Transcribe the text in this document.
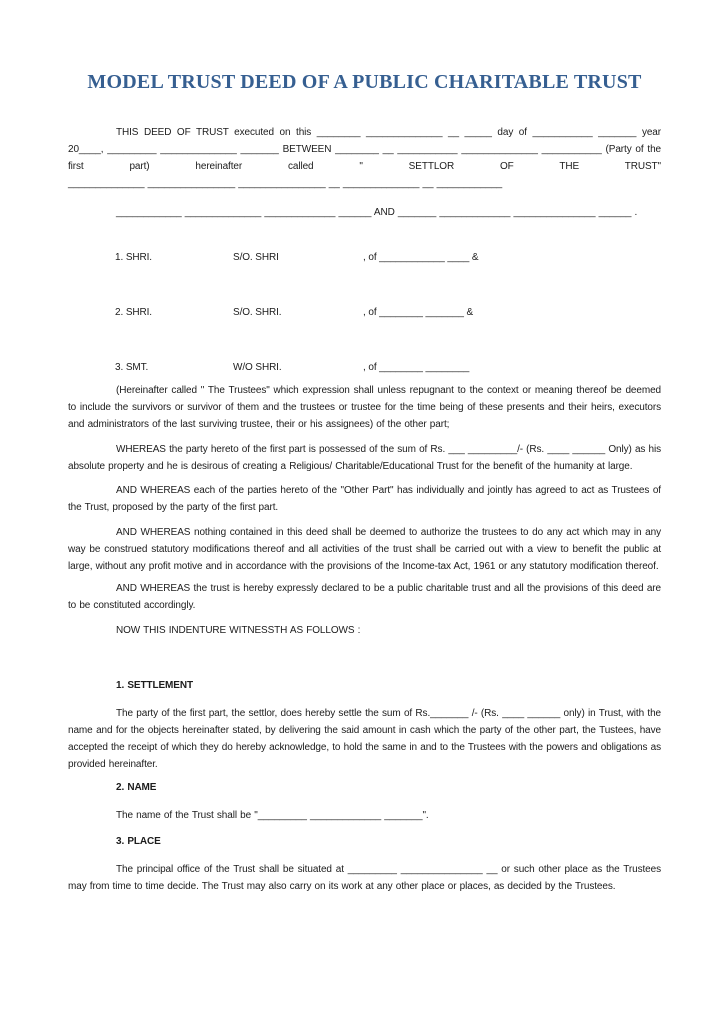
MODEL TRUST DEED OF A PUBLIC CHARITABLE TRUST

THIS DEED OF TRUST executed on this ________ ______________ __ _____ day of ___________ _______ year 20____, _________ ______________ _______ BETWEEN ________ __ ___________ ______________ ___________ (Party of the first part) hereinafter called " SETTLOR OF THE TRUST"

______________ ________________ ________________ __ ______________ __ ____________
____________ ______________ _____________ ______ AND _______ _____________ _______________ ______ .
1. SHRI.	S/O. SHRI	, of ____________ ____ &
2. SHRI.	S/O. SHRI.	, of ________ _______ &
3. SMT.	W/O SHRI.	, of ________ ________

(Hereinafter called " The Trustees" which expression shall unless repugnant to the context or meaning thereof be deemed to include the survivors or survivor of them and the trustees or trustee for the time being of these presents and their heirs, executors and administrators of the last surviving trustee, their or his assignees) of the other part;

WHEREAS the party hereto of the first part is possessed of the sum of Rs. ___ _________/- (Rs. ____ ______ Only) as his absolute property and he is desirous of creating a Religious/ Charitable/Educational Trust for the benefit of the humanity at large.

AND WHEREAS each of the parties hereto of the "Other Part" has individually and jointly has agreed to act as Trustees of the Trust, proposed by the party of the first part.

AND WHEREAS nothing contained in this deed shall be deemed to authorize the trustees to do any act which may in any way be construed statutory modifications thereof and all activities of the trust shall be carried out with a view to benefit the public at large, without any profit motive and in accordance with the provisions of the Income-tax Act, 1961 or any statutory modification thereof.

AND WHEREAS the trust is hereby expressly declared to be a public charitable trust and all the provisions of this deed are to be constituted accordingly.

NOW THIS INDENTURE WITNESSTH AS FOLLOWS :
1. SETTLEMENT

The party of the first part, the settlor, does hereby settle the sum of Rs._______ /- (Rs. ____ ______ only) in Trust, with the name and for the objects hereinafter stated, by delivering the said amount in cash which the party of the other part, the Tustees, have accepted the receipt of which they do hereby acknowledge, to hold the same in and to the Trustees with the powers and obligations as provided hereinafter.

2. NAME

The name of the Trust shall be "_________ _____________ _______".

3. PLACE

The principal office of the Trust shall be situated at _________ _______________ __ or such other place as the Trustees may from time to time decide. The Trust may also carry on its work at any other place or places, as decided by the Trustees.
